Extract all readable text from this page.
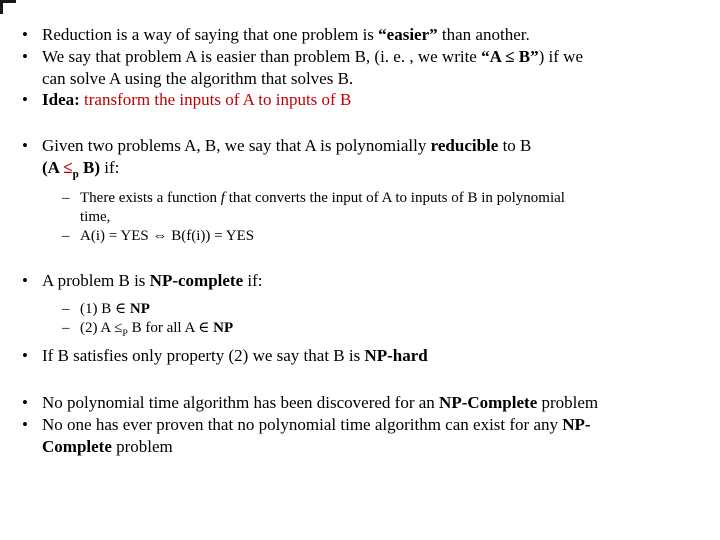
• Reduction is a way of saying that one problem is “easier” than another.
• We say that problem A is easier than problem B, (i. e. , we write “A ≤ B”) if we
can solve A using the algorithm that solves B.
• Idea: transform the inputs of A to inputs of B
• Given two problems A, B, we say that A is polynomially reducible to B
($A \le_p$ B) if:
– There exists a function f that converts the input of A to inputs of B in polynomial
time,
– A(i) = YES ⇔ B(f(i)) = YES
• A problem B is NP-complete if:
– (1) B ∈ NP
– (2) $A \le_P$ B for all A ∈ NP
• If B satisfies only property (2) we say that B is NP-hard
• No polynomial time algorithm has been discovered for an NP-Complete problem
• No one has ever proven that no polynomial time algorithm can exist for any NP-
Complete problem
